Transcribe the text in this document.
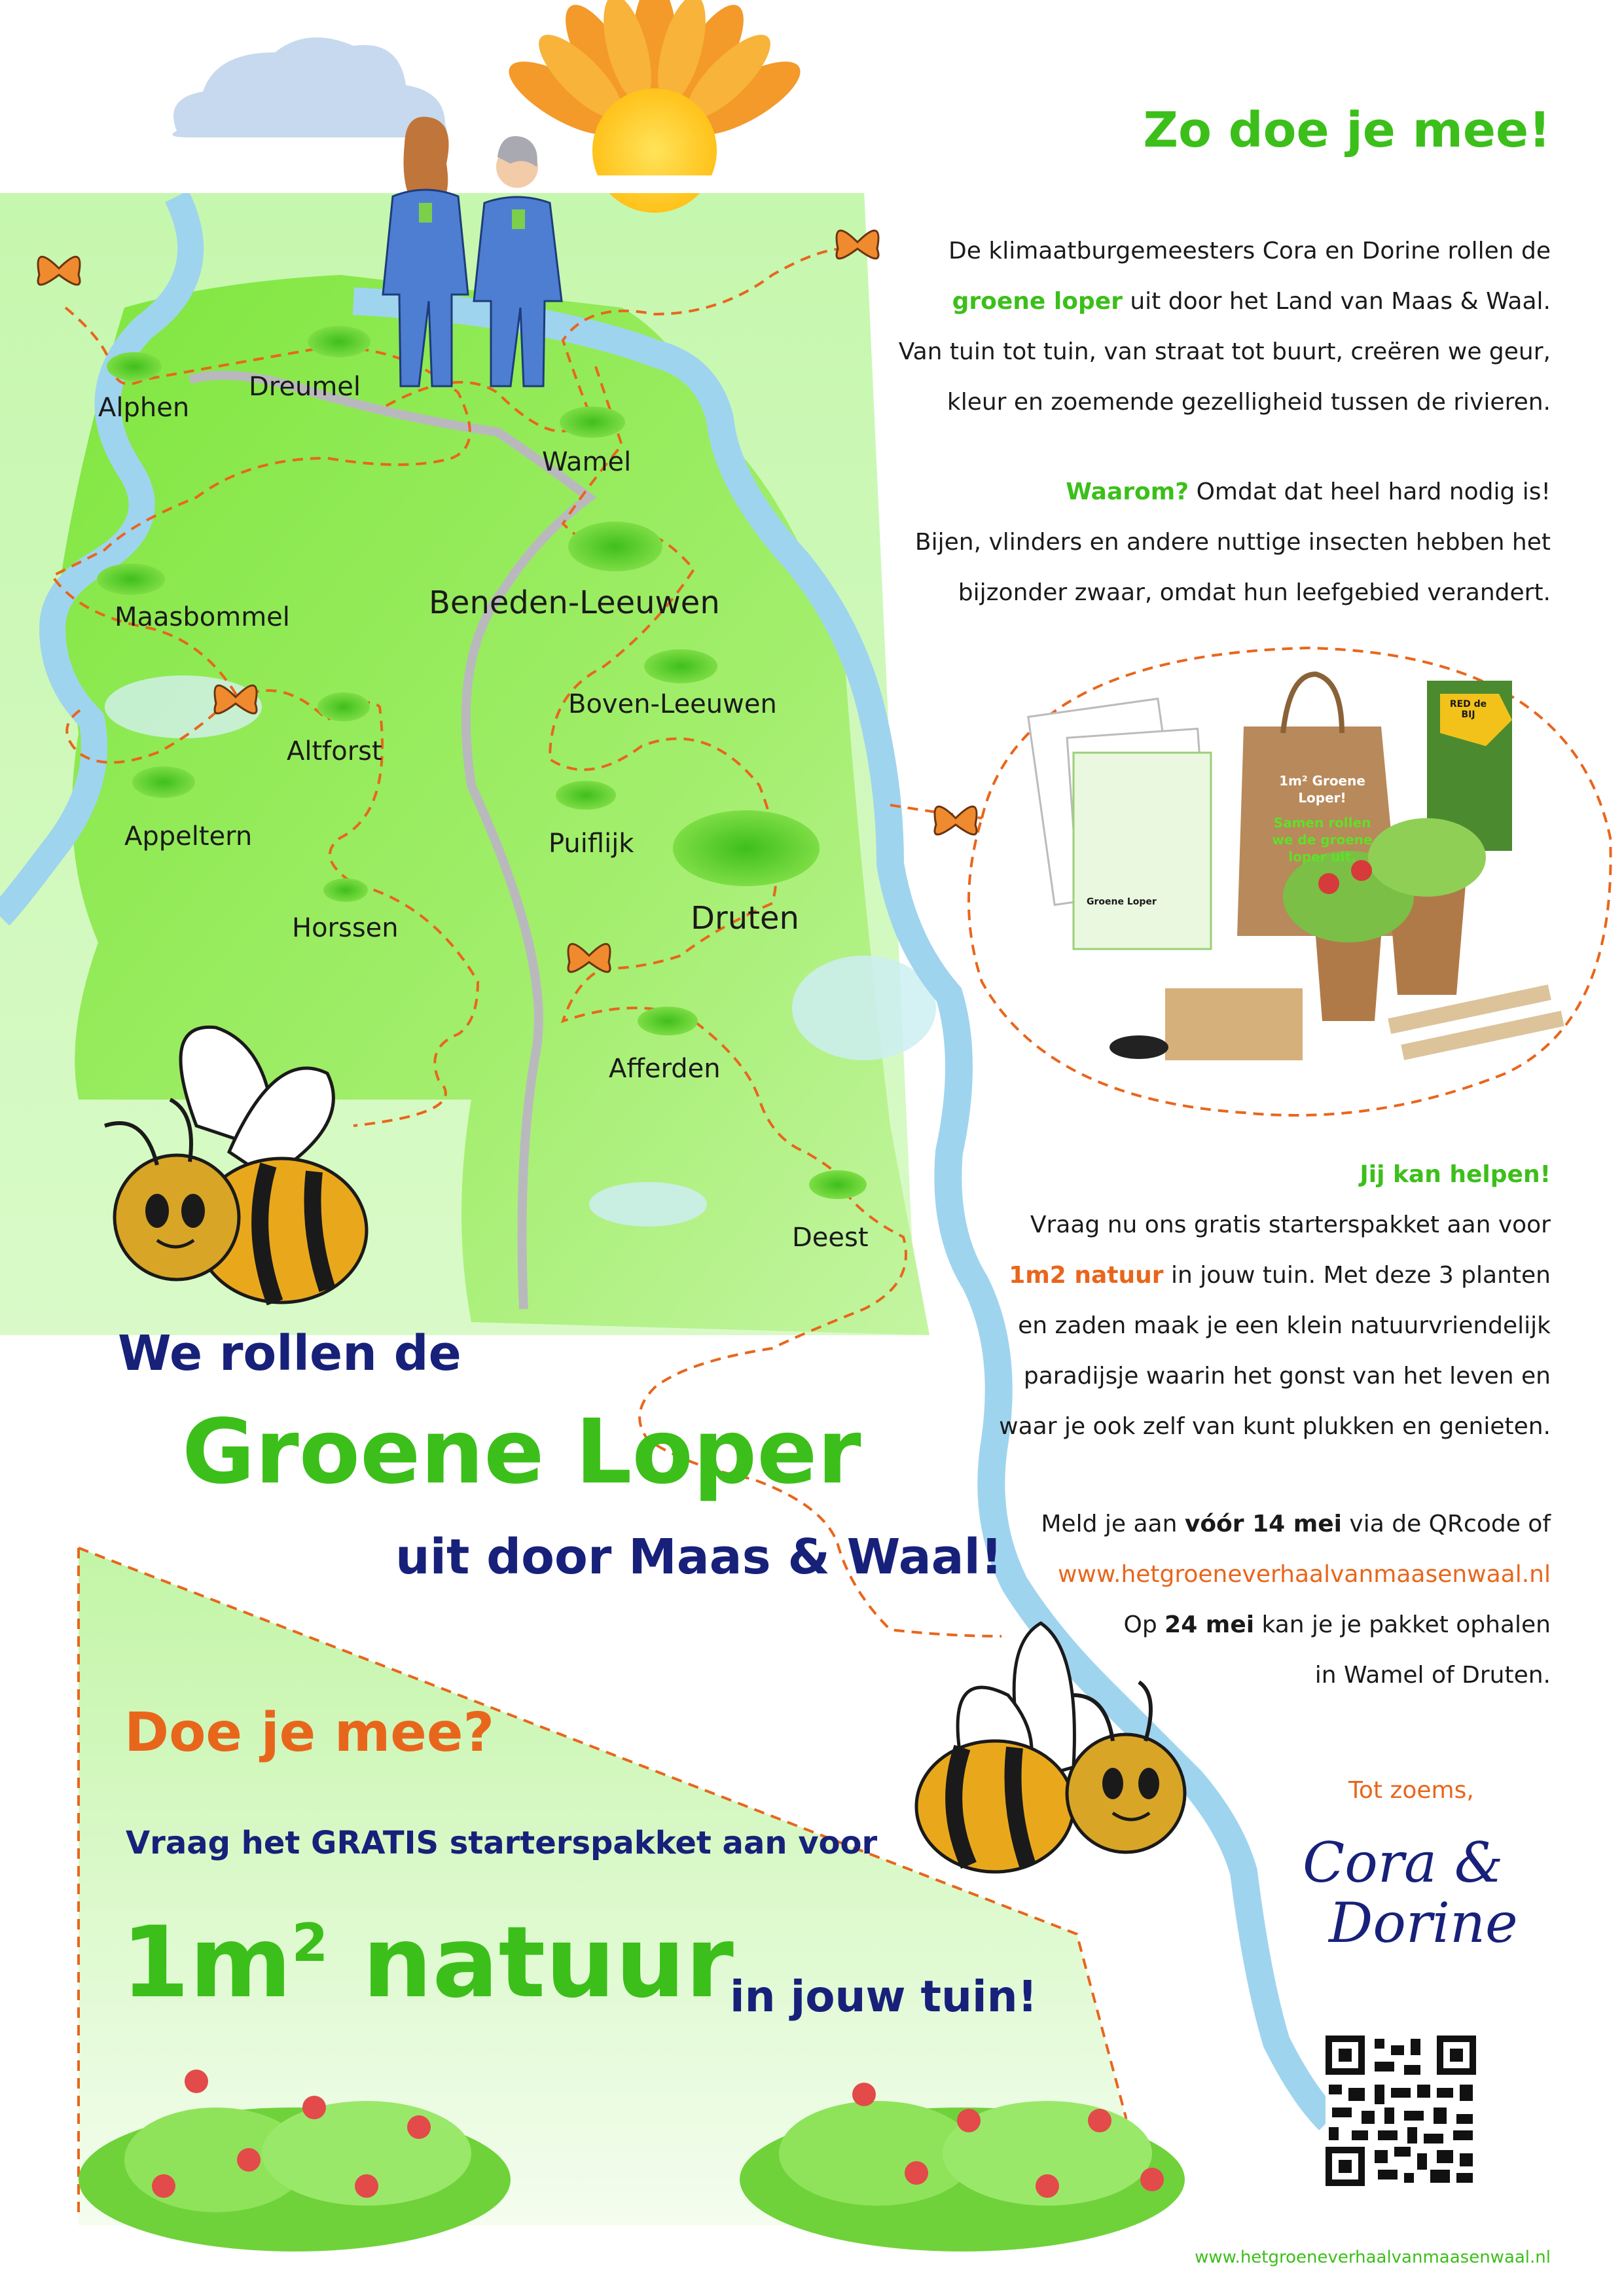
Alphen
Dreumel
Wamel
Maasbommel	Beneden-Leeuwen
Boven-Leeuwen
Altforst
Appeltern	Puiflijk
Druten
Horssen
Afferden
Deest
1m² Groene Loper!
Samen rollen
we de groene
loper uit.
Groene Loper
RED de BIJ
Zo doe je mee!

De klimaatburgemeesters Cora en Dorine rollen de

groene loper uit door het Land van Maas & Waal.

Van tuin tot tuin, van straat tot buurt, creëren we geur,

kleur en zoemende gezelligheid tussen de rivieren.

Waarom? Omdat dat heel hard nodig is!

Bijen, vlinders en andere nuttige insecten hebben het

bijzonder zwaar, omdat hun leefgebied verandert.

Jij kan helpen!

Vraag nu ons gratis starterspakket aan voor

1m2 natuur in jouw tuin. Met deze 3 planten

en zaden maak je een klein natuurvriendelijk

paradijsje waarin het gonst van het leven en

waar je ook zelf van kunt plukken en genieten.

Meld je aan vóór 14 mei via de QRcode of

www.hetgroeneverhaalvanmaasenwaal.nl

Op 24 mei kan je je pakket ophalen

in Wamel of Druten.

Tot zoems,
Cora &
Dorine
www.hetgroeneverhaalvanmaasenwaal.nl
We rollen de
Groene Loper
uit door Maas & Waal!
Doe je mee?
Vraag het GRATIS starterspakket aan voor
$1m^2$ natuur
in jouw tuin!
